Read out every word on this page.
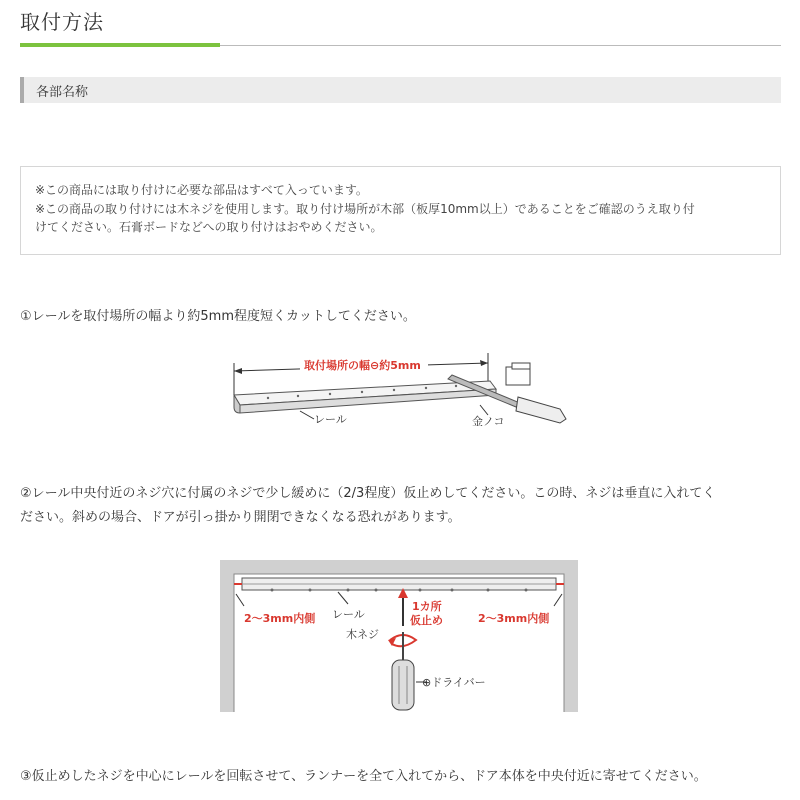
取付方法
各部名称

※この商品には取り付けに必要な部品はすべて入っています。

※この商品の取り付けには木ネジを使用します。取り付け場所が木部（板厚10mm以上）であることをご確認のうえ取り付

けてください。石膏ボードなどへの取り付けはおやめください。

①レールを取付場所の幅より約5mm程度短くカットしてください。
取付場所の幅⊖約5mm
レール	金ノコ
②レール中央付近のネジ穴に付属のネジで少し緩めに（2/3程度）仮止めしてください。この時、ネジは垂直に入れてく
ださい。斜めの場合、ドアが引っ掛かり開閉できなくなる恐れがあります。
2～3mm内側	2～3mm内側
レール
1カ所
仮止め
木ネジ
⊕ドライバー
③仮止めしたネジを中心にレールを回転させて、ランナーを全て入れてから、ドア本体を中央付近に寄せてください。
